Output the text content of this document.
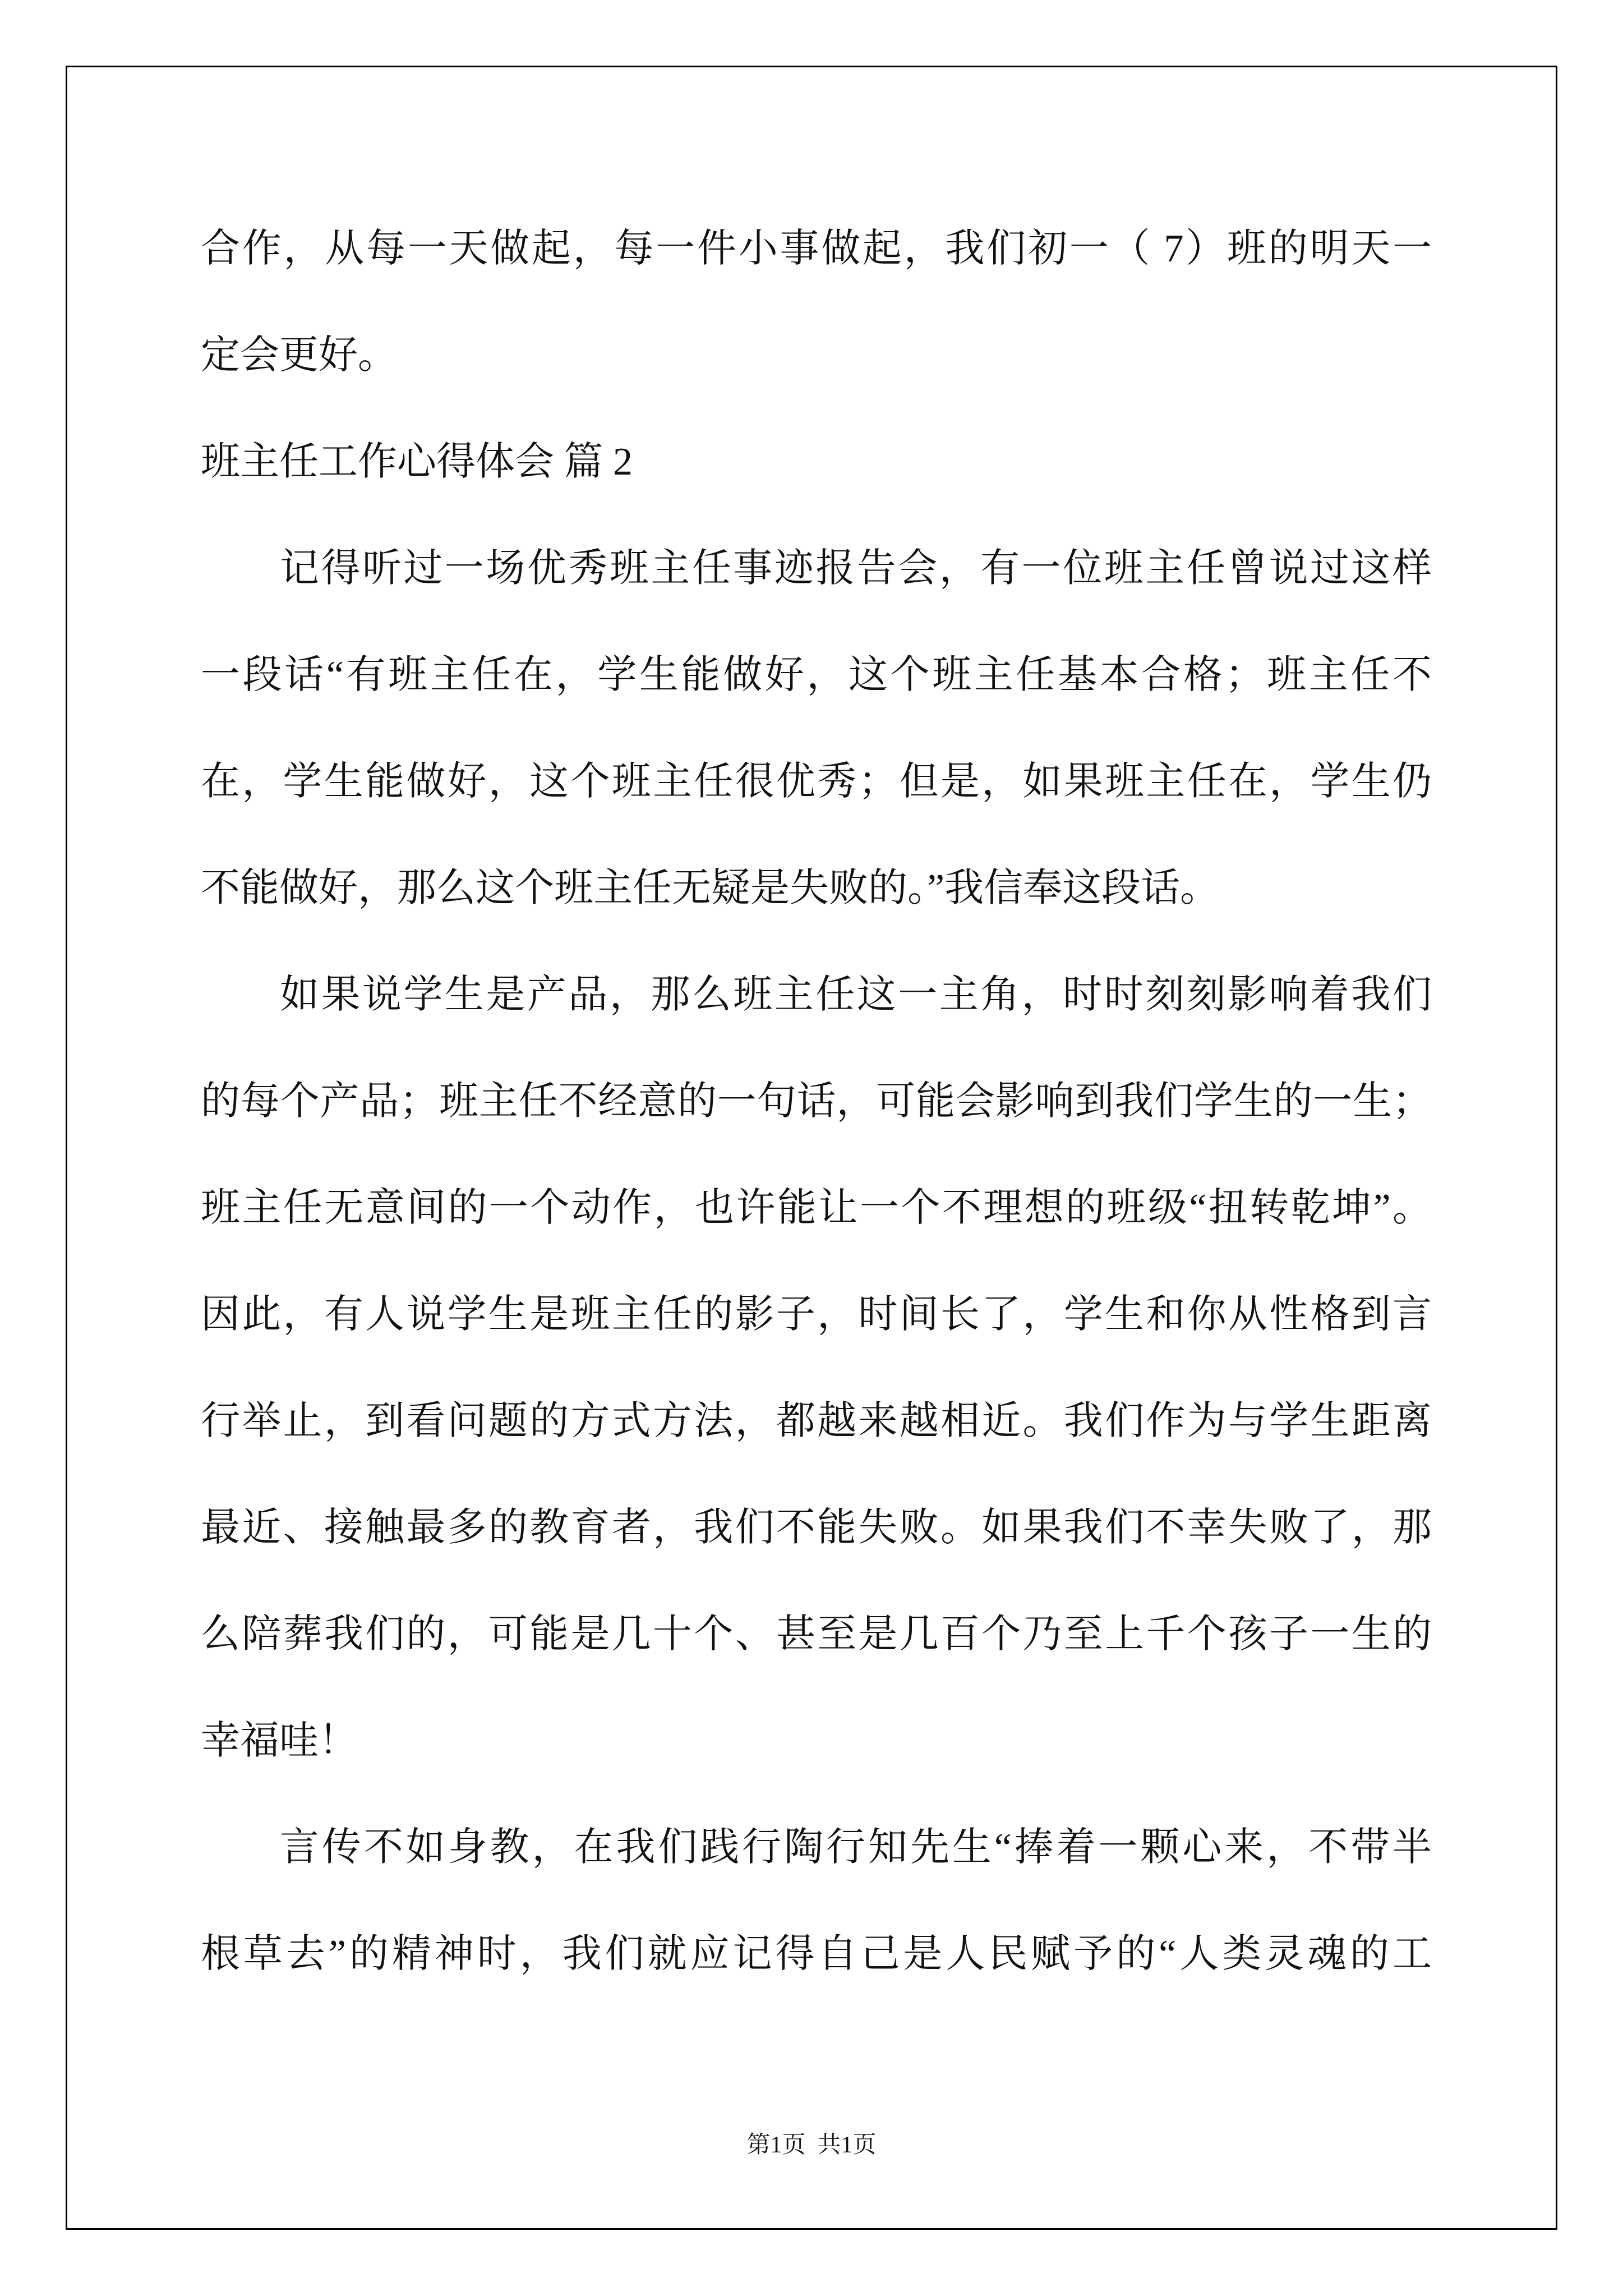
合作，从每一天做起，每一件小事做起，我们初一（ 7）班的明天一
定会更好。
班主任工作心得体会 篇 2
记得听过一场优秀班主任事迹报告会，有一位班主任曾说过这样
一段话“有班主任在，学生能做好，这个班主任基本合格；班主任不
在，学生能做好，这个班主任很优秀；但是，如果班主任在，学生仍
不能做好，那么这个班主任无疑是失败的。”我信奉这段话。
如果说学生是产品，那么班主任这一主角，时时刻刻影响着我们
的每个产品；班主任不经意的一句话，可能会影响到我们学生的一生；
班主任无意间的一个动作，也许能让一个不理想的班级“扭转乾坤”。
因此，有人说学生是班主任的影子，时间长了，学生和你从性格到言
行举止，到看问题的方式方法，都越来越相近。我们作为与学生距离
最近、接触最多的教育者，我们不能失败。如果我们不幸失败了，那
么陪葬我们的，可能是几十个、甚至是几百个乃至上千个孩子一生的
幸福哇！
言传不如身教，在我们践行陶行知先生“捧着一颗心来，不带半
根草去”的精神时，我们就应记得自己是人民赋予的“人类灵魂的工
第1页  共1页
